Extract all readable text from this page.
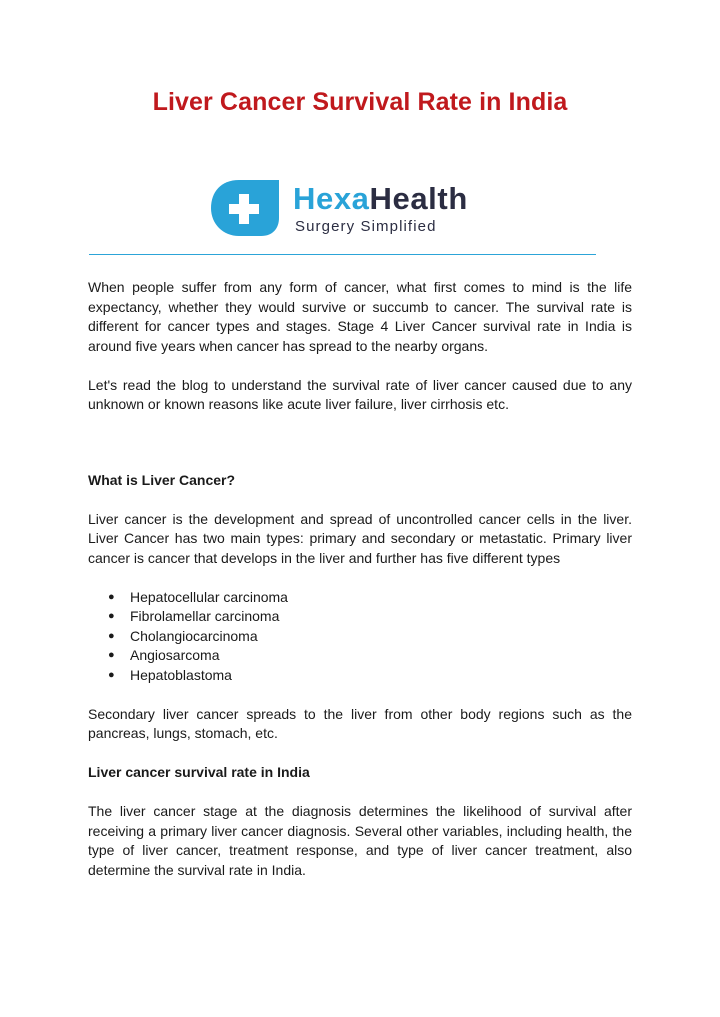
Liver Cancer Survival Rate in India
HexaHealth
Surgery Simplified

When people suffer from any form of cancer, what first comes to mind is the life expectancy, whether they would survive or succumb to cancer. The survival rate is different for cancer types and stages. Stage 4 Liver Cancer survival rate in India is around five years when cancer has spread to the nearby organs.

Let's read the blog to understand the survival rate of liver cancer caused due to any unknown or known reasons like acute liver failure, liver cirrhosis etc.

What is Liver Cancer?

Liver cancer is the development and spread of uncontrolled cancer cells in the liver. Liver Cancer has two main types: primary and secondary or metastatic. Primary liver cancer is cancer that develops in the liver and further has five different types

● Hepatocellular carcinoma
● Fibrolamellar carcinoma
● Cholangiocarcinoma
● Angiosarcoma
● Hepatoblastoma

Secondary liver cancer spreads to the liver from other body regions such as the pancreas, lungs, stomach, etc.

Liver cancer survival rate in India

The liver cancer stage at the diagnosis determines the likelihood of survival after receiving a primary liver cancer diagnosis. Several other variables, including health, the type of liver cancer, treatment response, and type of liver cancer treatment, also determine the survival rate in India.
